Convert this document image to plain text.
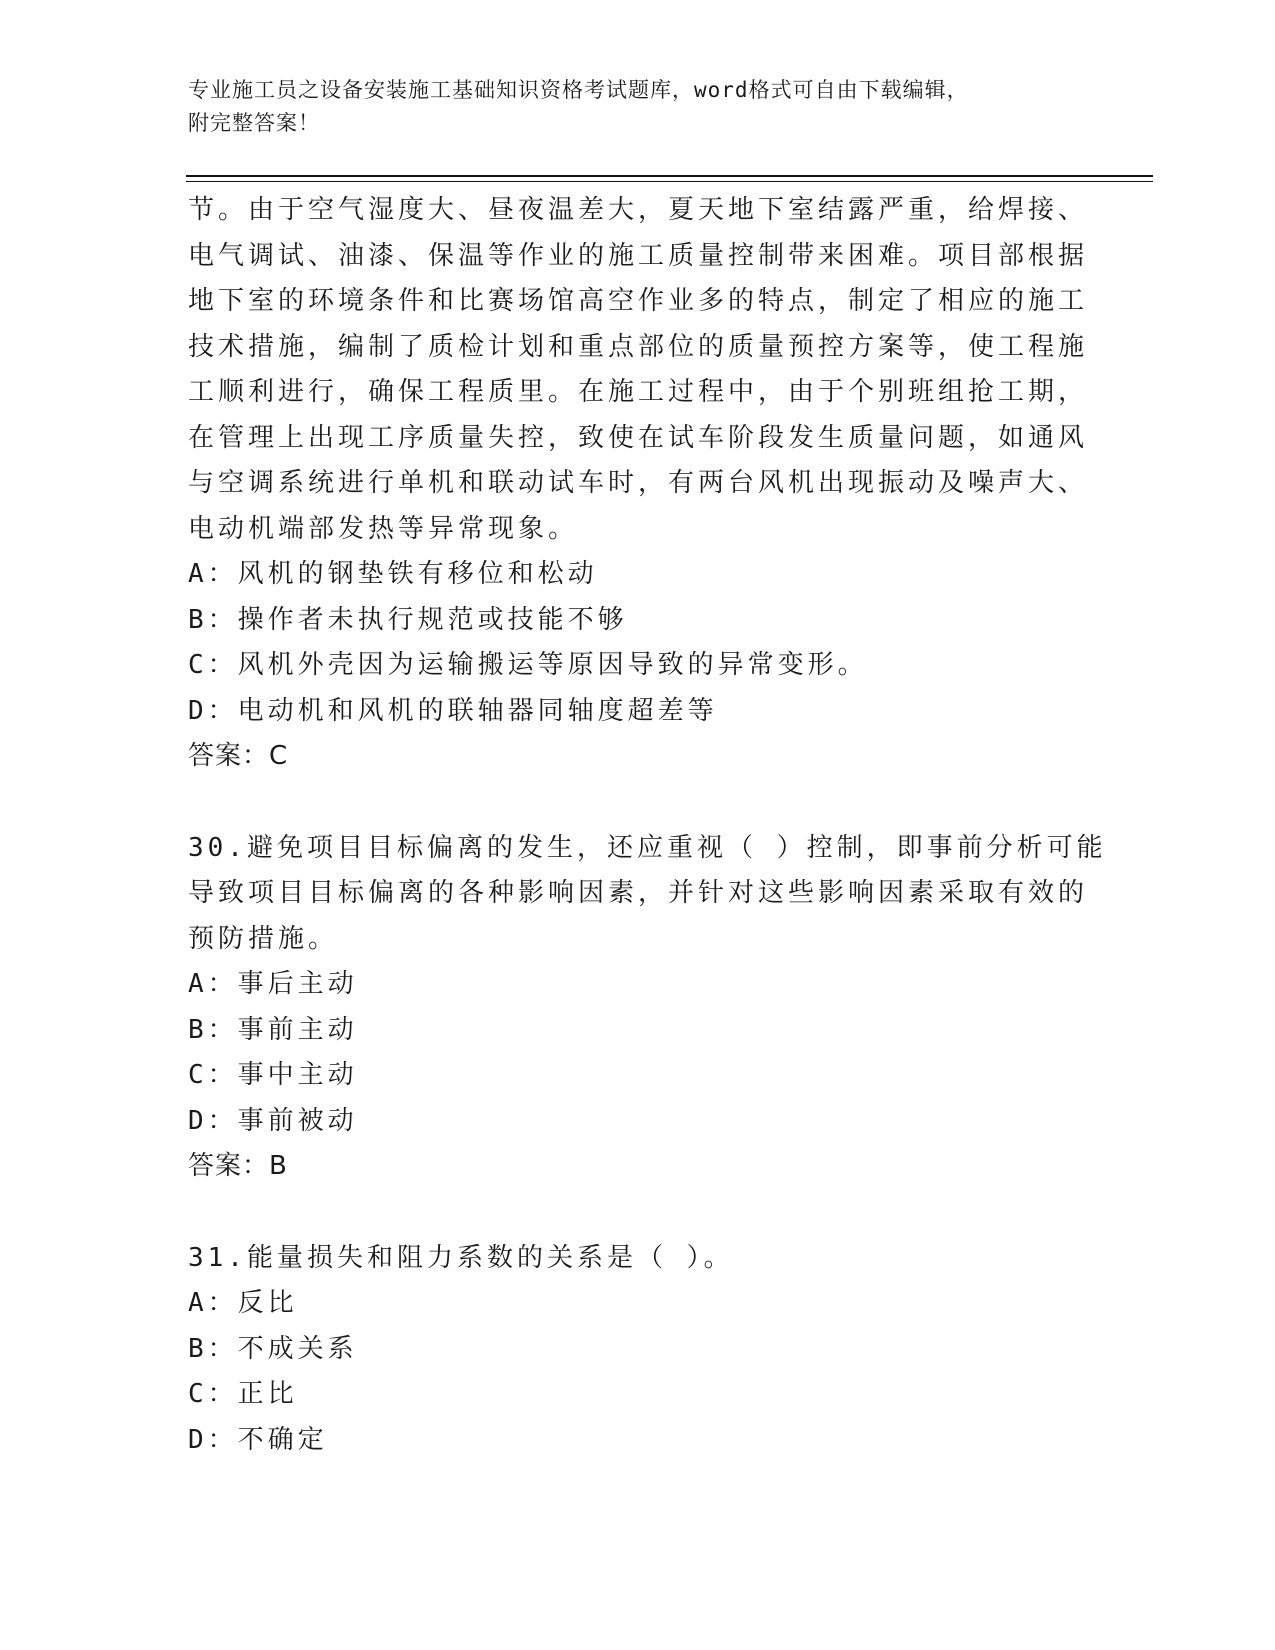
专业施工员之设备安装施工基础知识资格考试题库，word格式可自由下载编辑，
附完整答案！
节。由于空气湿度大、昼夜温差大，夏天地下室结露严重，给焊接、
电气调试、油漆、保温等作业的施工质量控制带来困难。项目部根据
地下室的环境条件和比赛场馆高空作业多的特点，制定了相应的施工
技术措施，编制了质检计划和重点部位的质量预控方案等，使工程施
工顺利进行，确保工程质里。在施工过程中，由于个别班组抢工期，
在管理上出现工序质量失控，致使在试车阶段发生质量问题，如通风
与空调系统进行单机和联动试车时，有两台风机出现振动及噪声大、
电动机端部发热等异常现象。
A：风机的钢垫铁有移位和松动
B：操作者未执行规范或技能不够
C：风机外壳因为运输搬运等原因导致的异常变形。
D：电动机和风机的联轴器同轴度超差等
答案：C
30.避免项目目标偏离的发生，还应重视（ ）控制，即事前分析可能
导致项目目标偏离的各种影响因素，并针对这些影响因素采取有效的
预防措施。
A：事后主动
B：事前主动
C：事中主动
D：事前被动
答案：B
31.能量损失和阻力系数的关系是（ ）。
A：反比
B：不成关系
C：正比
D：不确定
